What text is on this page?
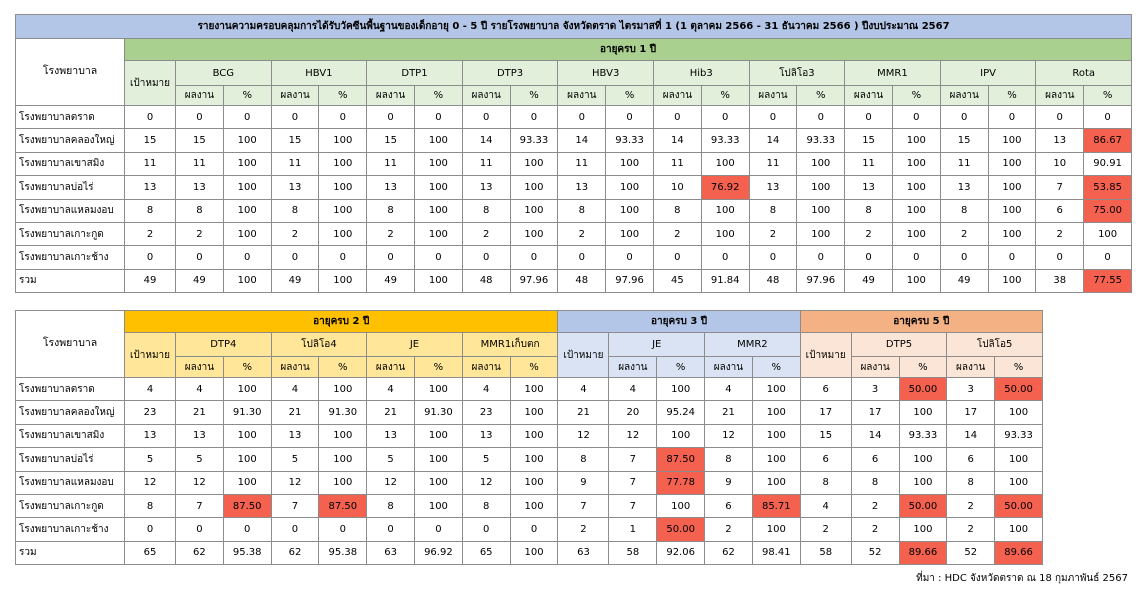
รายงานความครอบคลุมการได้รับวัคซีนพื้นฐานของเด็กอายุ 0 - 5 ปี รายโรงพยาบาล จังหวัดตราด ไตรมาสที่ 1 (1 ตุลาคม 2566 - 31 ธันวาคม 2566 ) ปีงบประมาณ 2567																					
โรงพยาบาล	อายุครบ 1 ปี																				
	เป้าหมาย	BCG		HBV1		DTP1		DTP3		HBV3		Hib3		โปลิโอ3		MMR1		IPV		Rota	
		ผลงาน	%	ผลงาน	%	ผลงาน	%	ผลงาน	%	ผลงาน	%	ผลงาน	%	ผลงาน	%	ผลงาน	%	ผลงาน	%	ผลงาน	%
โรงพยาบาลตราด	0	0	0	0	0	0	0	0	0	0	0	0	0	0	0	0	0	0	0	0	0
โรงพยาบาลคลองใหญ่	15	15	100	15	100	15	100	14	93.33	14	93.33	14	93.33	14	93.33	15	100	15	100	13	86.67
โรงพยาบาลเขาสมิง	11	11	100	11	100	11	100	11	100	11	100	11	100	11	100	11	100	11	100	10	90.91
โรงพยาบาลบ่อไร่	13	13	100	13	100	13	100	13	100	13	100	10	76.92	13	100	13	100	13	100	7	53.85
โรงพยาบาลแหลมงอบ	8	8	100	8	100	8	100	8	100	8	100	8	100	8	100	8	100	8	100	6	75.00
โรงพยาบาลเกาะกูด	2	2	100	2	100	2	100	2	100	2	100	2	100	2	100	2	100	2	100	2	100
โรงพยาบาลเกาะช้าง	0	0	0	0	0	0	0	0	0	0	0	0	0	0	0	0	0	0	0	0	0
รวม	49	49	100	49	100	49	100	48	97.96	48	97.96	45	91.84	48	97.96	49	100	49	100	38	77.55
โรงพยาบาล	อายุครบ 2 ปี									อายุครบ 3 ปี					อายุครบ 5 ปี				
	เป้าหมาย	DTP4		โปลิโอ4		JE		MMR1เก็บตก		เป้าหมาย	JE		MMR2		เป้าหมาย	DTP5		โปลิโอ5	
		ผลงาน	%	ผลงาน	%	ผลงาน	%	ผลงาน	%		ผลงาน	%	ผลงาน	%		ผลงาน	%	ผลงาน	%
โรงพยาบาลตราด	4	4	100	4	100	4	100	4	100	4	4	100	4	100	6	3	50.00	3	50.00
โรงพยาบาลคลองใหญ่	23	21	91.30	21	91.30	21	91.30	23	100	21	20	95.24	21	100	17	17	100	17	100
โรงพยาบาลเขาสมิง	13	13	100	13	100	13	100	13	100	12	12	100	12	100	15	14	93.33	14	93.33
โรงพยาบาลบ่อไร่	5	5	100	5	100	5	100	5	100	8	7	87.50	8	100	6	6	100	6	100
โรงพยาบาลแหลมงอบ	12	12	100	12	100	12	100	12	100	9	7	77.78	9	100	8	8	100	8	100
โรงพยาบาลเกาะกูด	8	7	87.50	7	87.50	8	100	8	100	7	7	100	6	85.71	4	2	50.00	2	50.00
โรงพยาบาลเกาะช้าง	0	0	0	0	0	0	0	0	0	2	1	50.00	2	100	2	2	100	2	100
รวม	65	62	95.38	62	95.38	63	96.92	65	100	63	58	92.06	62	98.41	58	52	89.66	52	89.66
ที่มา : HDC จังหวัดตราด ณ 18 กุมภาพันธ์ 2567
